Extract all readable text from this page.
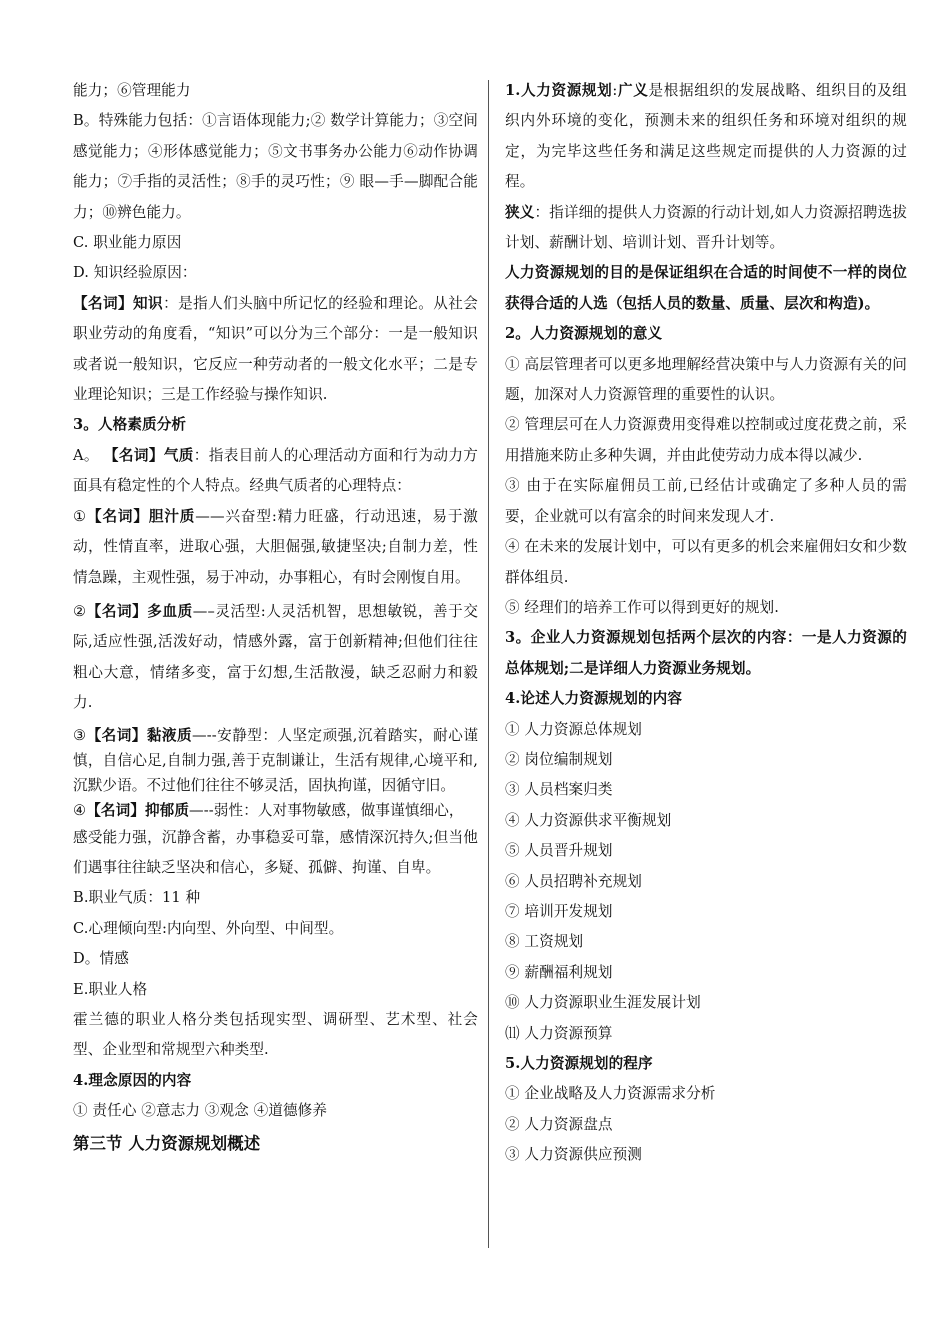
能力；⑥管理能力

B。特殊能力包括：①言语体现能力;② 数学计算能力；③空间感觉能力；④形体感觉能力；⑤文书事务办公能力⑥动作协调能力；⑦手指的灵活性；⑧手的灵巧性；⑨ 眼—手—脚配合能力；⑩辨色能力。

C. 职业能力原因

D. 知识经验原因：

【名词】知识：是指人们头脑中所记忆的经验和理论。从社会职业劳动的角度看，“知识”可以分为三个部分：一是一般知识或者说一般知识，它反应一种劳动者的一般文化水平；二是专业理论知识；三是工作经验与操作知识.

3。人格素质分析

A。 【名词】气质：指表目前人的心理活动方面和行为动力方面具有稳定性的个人特点。经典气质者的心理特点：

①【名词】胆汁质——兴奋型:精力旺盛，行动迅速，易于激动，性情直率，进取心强，大胆倔强,敏捷坚决;自制力差，性情急躁，主观性强，易于冲动，办事粗心，有时会刚愎自用。

②【名词】多血质—–灵活型:人灵活机智，思想敏锐，善于交际,适应性强,活泼好动，情感外露，富于创新精神;但他们往往粗心大意，情绪多变，富于幻想,生活散漫，缺乏忍耐力和毅力.

③【名词】黏液质—--安静型：人坚定顽强,沉着踏实，耐心谨慎，自信心足,自制力强,善于克制谦让，生活有规律,心境平和,沉默少语。不过他们往往不够灵活，固执拘谨，因循守旧。

④【名词】抑郁质—--弱性：人对事物敏感，做事谨慎细心，

感受能力强，沉静含蓄，办事稳妥可靠，感情深沉持久;但当他们遇事往往缺乏坚决和信心，多疑、孤僻、拘谨、自卑。

B.职业气质：11 种

C.心理倾向型:内向型、外向型、中间型。

D。情感

E.职业人格

霍兰德的职业人格分类包括现实型、调研型、艺术型、社会型、企业型和常规型六种类型.

4.理念原因的内容

① 责任心 ②意志力 ③观念 ④道德修养

第三节 人力资源规划概述

1.人力资源规划:广义是根据组织的发展战略、组织目的及组织内外环境的变化，预测未来的组织任务和环境对组织的规定，为完毕这些任务和满足这些规定而提供的人力资源的过程。

狭义：指详细的提供人力资源的行动计划,如人力资源招聘选拔计划、薪酬计划、培训计划、晋升计划等。

人力资源规划的目的是保证组织在合适的时间使不一样的岗位获得合适的人选（包括人员的数量、质量、层次和构造)。

2。人力资源规划的意义

① 高层管理者可以更多地理解经营决策中与人力资源有关的问题，加深对人力资源管理的重要性的认识。

② 管理层可在人力资源费用变得难以控制或过度花费之前，采用措施来防止多种失调，并由此使劳动力成本得以减少.

③ 由于在实际雇佣员工前,已经估计或确定了多种人员的需要，企业就可以有富余的时间来发现人才.

④ 在未来的发展计划中，可以有更多的机会来雇佣妇女和少数群体组员.

⑤ 经理们的培养工作可以得到更好的规划.

3。企业人力资源规划包括两个层次的内容：一是人力资源的总体规划;二是详细人力资源业务规划。

4.论述人力资源规划的内容

① 人力资源总体规划

② 岗位编制规划

③ 人员档案归类

④ 人力资源供求平衡规划

⑤ 人员晋升规划

⑥ 人员招聘补充规划

⑦ 培训开发规划

⑧ 工资规划

⑨ 薪酬福利规划

⑩ 人力资源职业生涯发展计划

⑾ 人力资源预算

5.人力资源规划的程序

① 企业战略及人力资源需求分析

② 人力资源盘点

③ 人力资源供应预测
